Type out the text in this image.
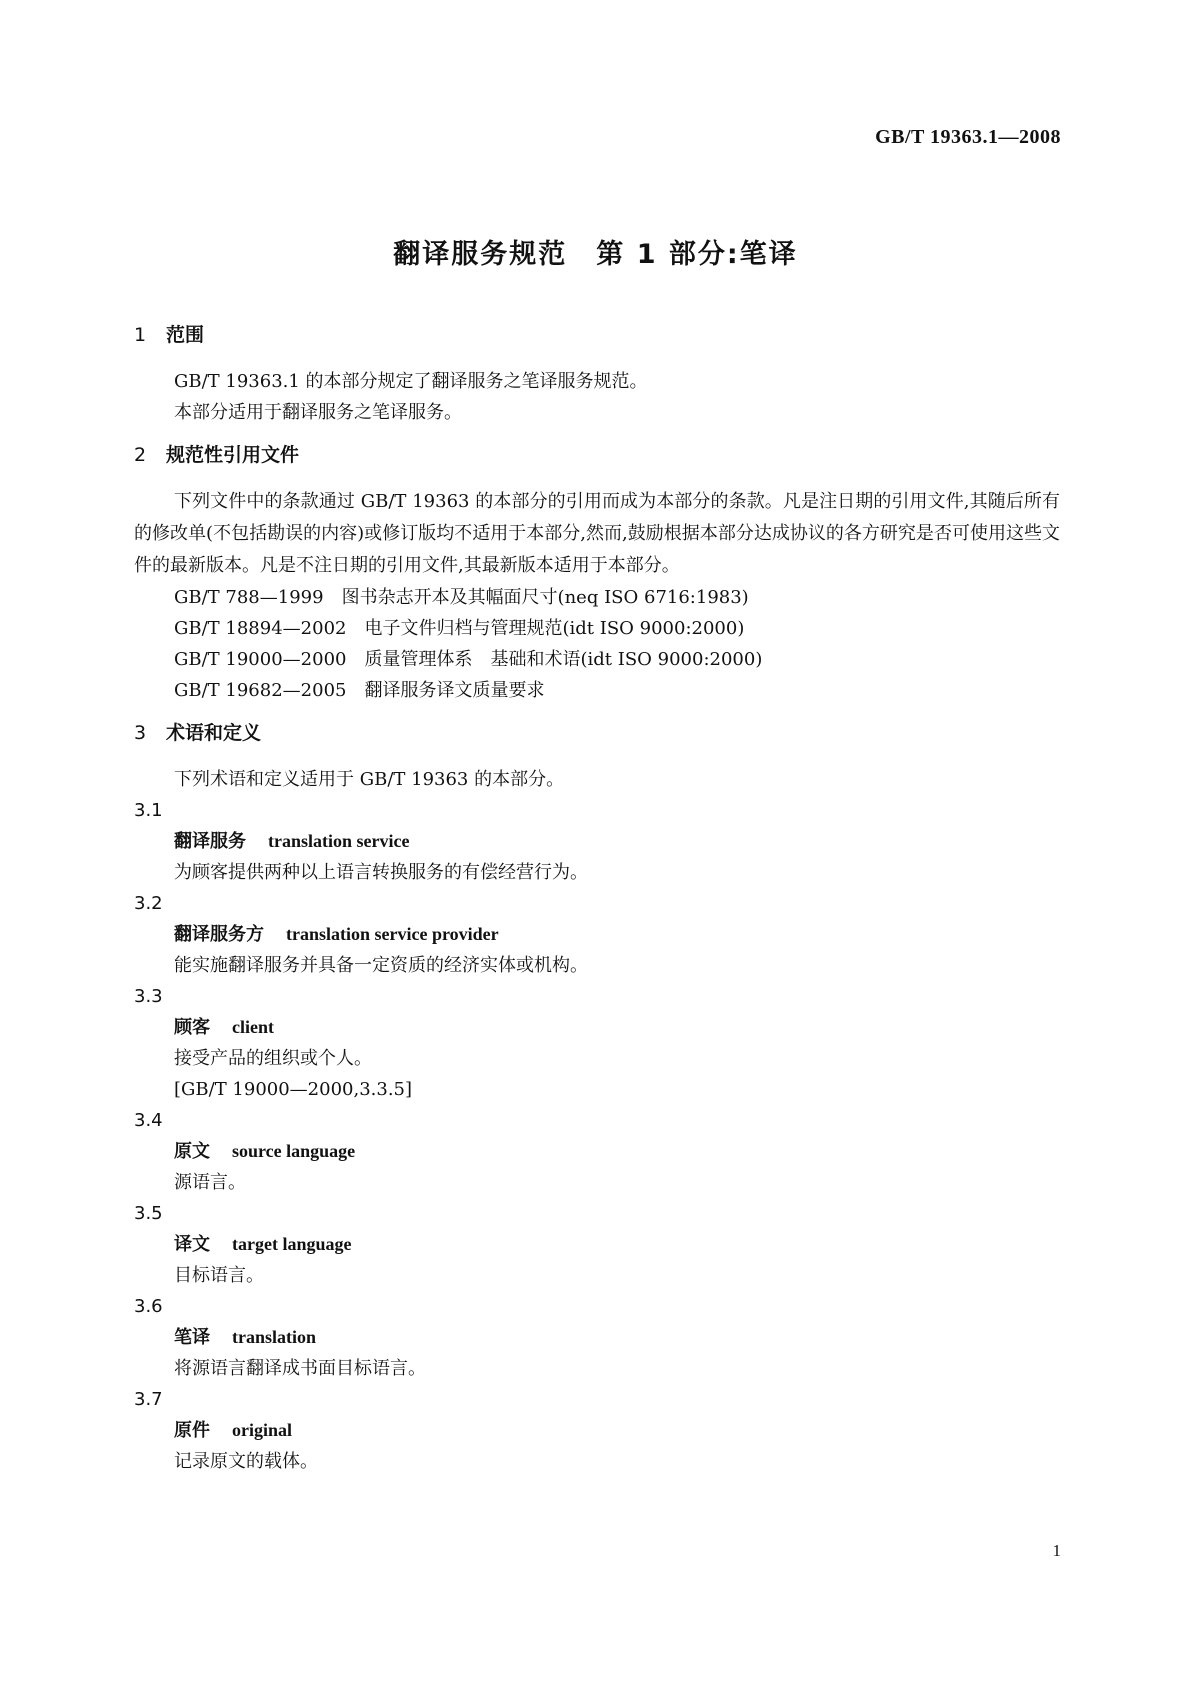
GB/T 19363.1—2008
翻译服务规范　第 1 部分:笔译
1 范围

GB/T 19363.1 的本部分规定了翻译服务之笔译服务规范。

本部分适用于翻译服务之笔译服务。

2 规范性引用文件

下列文件中的条款通过 GB/T 19363 的本部分的引用而成为本部分的条款。凡是注日期的引用文件,其随后所有的修改单(不包括勘误的内容)或修订版均不适用于本部分,然而,鼓励根据本部分达成协议的各方研究是否可使用这些文件的最新版本。凡是不注日期的引用文件,其最新版本适用于本部分。

GB/T 788—1999　图书杂志开本及其幅面尺寸(neq ISO 6716:1983)

GB/T 18894—2002　电子文件归档与管理规范(idt ISO 9000:2000)

GB/T 19000—2000　质量管理体系　基础和术语(idt ISO 9000:2000)

GB/T 19682—2005　翻译服务译文质量要求

3 术语和定义

下列术语和定义适用于 GB/T 19363 的本部分。

3.1
翻译服务 translation service
为顾客提供两种以上语言转换服务的有偿经营行为。
3.2
翻译服务方 translation service provider
能实施翻译服务并具备一定资质的经济实体或机构。
3.3
顾客 client
接受产品的组织或个人。
[GB/T 19000—2000,3.3.5]
3.4
原文 source language
源语言。
3.5
译文 target language
目标语言。
3.6
笔译 translation
将源语言翻译成书面目标语言。
3.7
原件 original
记录原文的载体。
1
